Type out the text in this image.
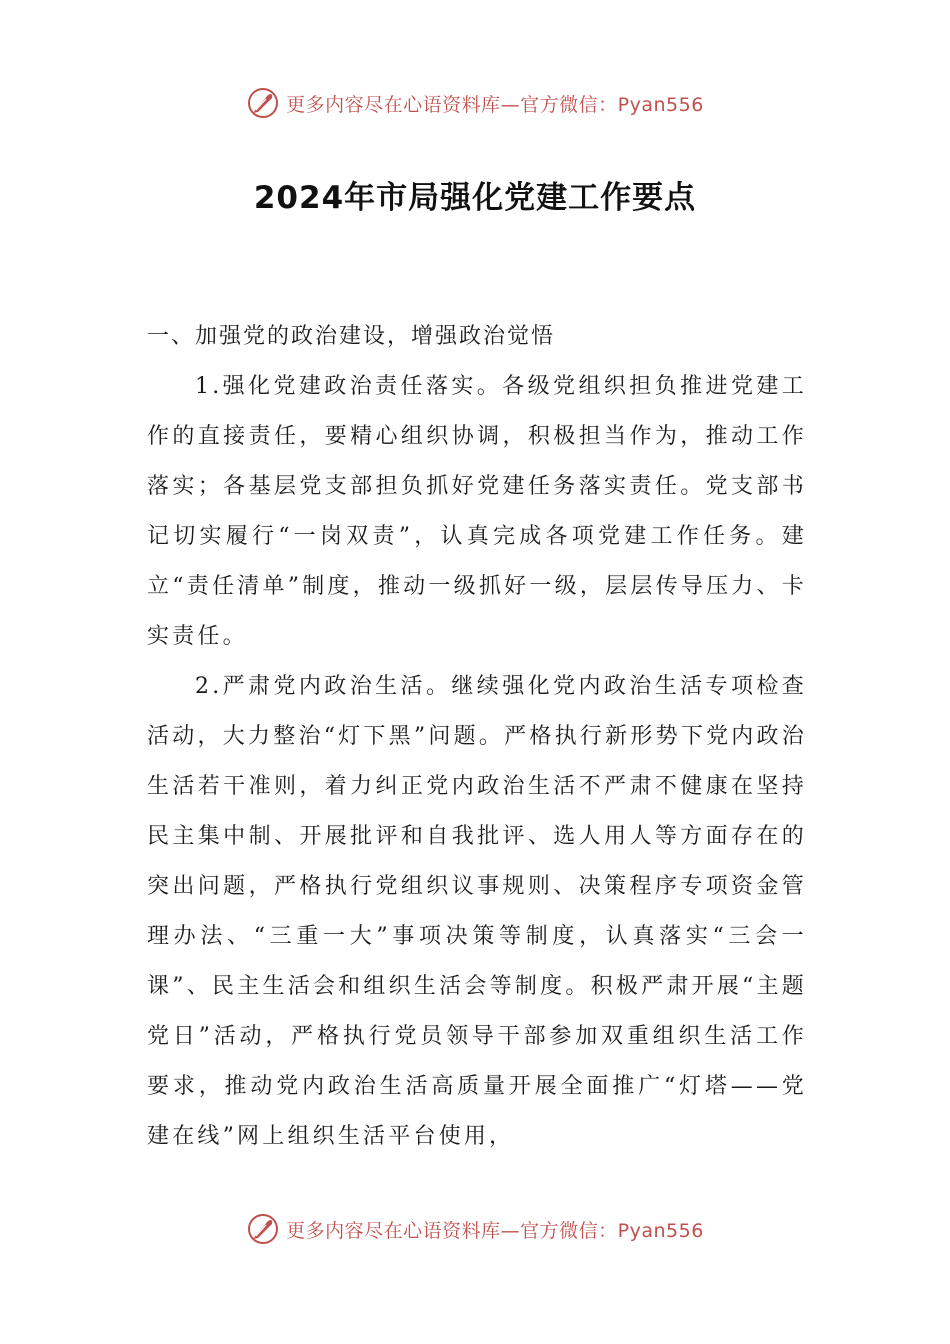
更多内容尽在心语资料库—官方微信：Pyan556
2024年市局强化党建工作要点

一、加强党的政治建设，增强政治觉悟

1.强化党建政治责任落实。各级党组织担负推进党建工作的直接责任，要精心组织协调，积极担当作为，推动工作落实；各基层党支部担负抓好党建任务落实责任。党支部书记切实履行“一岗双责”，认真完成各项党建工作任务。建立“责任清单”制度，推动一级抓好一级，层层传导压力、卡实责任。

2.严肃党内政治生活。继续强化党内政治生活专项检查活动，大力整治“灯下黑”问题。严格执行新形势下党内政治生活若干准则，着力纠正党内政治生活不严肃不健康在坚持民主集中制、开展批评和自我批评、选人用人等方面存在的突出问题，严格执行党组织议事规则、决策程序专项资金管理办法、“三重一大”事项决策等制度，认真落实“三会一课”、民主生活会和组织生活会等制度。积极严肃开展“主题党日”活动，严格执行党员领导干部参加双重组织生活工作要求，推动党内政治生活高质量开展全面推广“灯塔——党建在线”网上组织生活平台使用，

更多内容尽在心语资料库—官方微信：Pyan556
